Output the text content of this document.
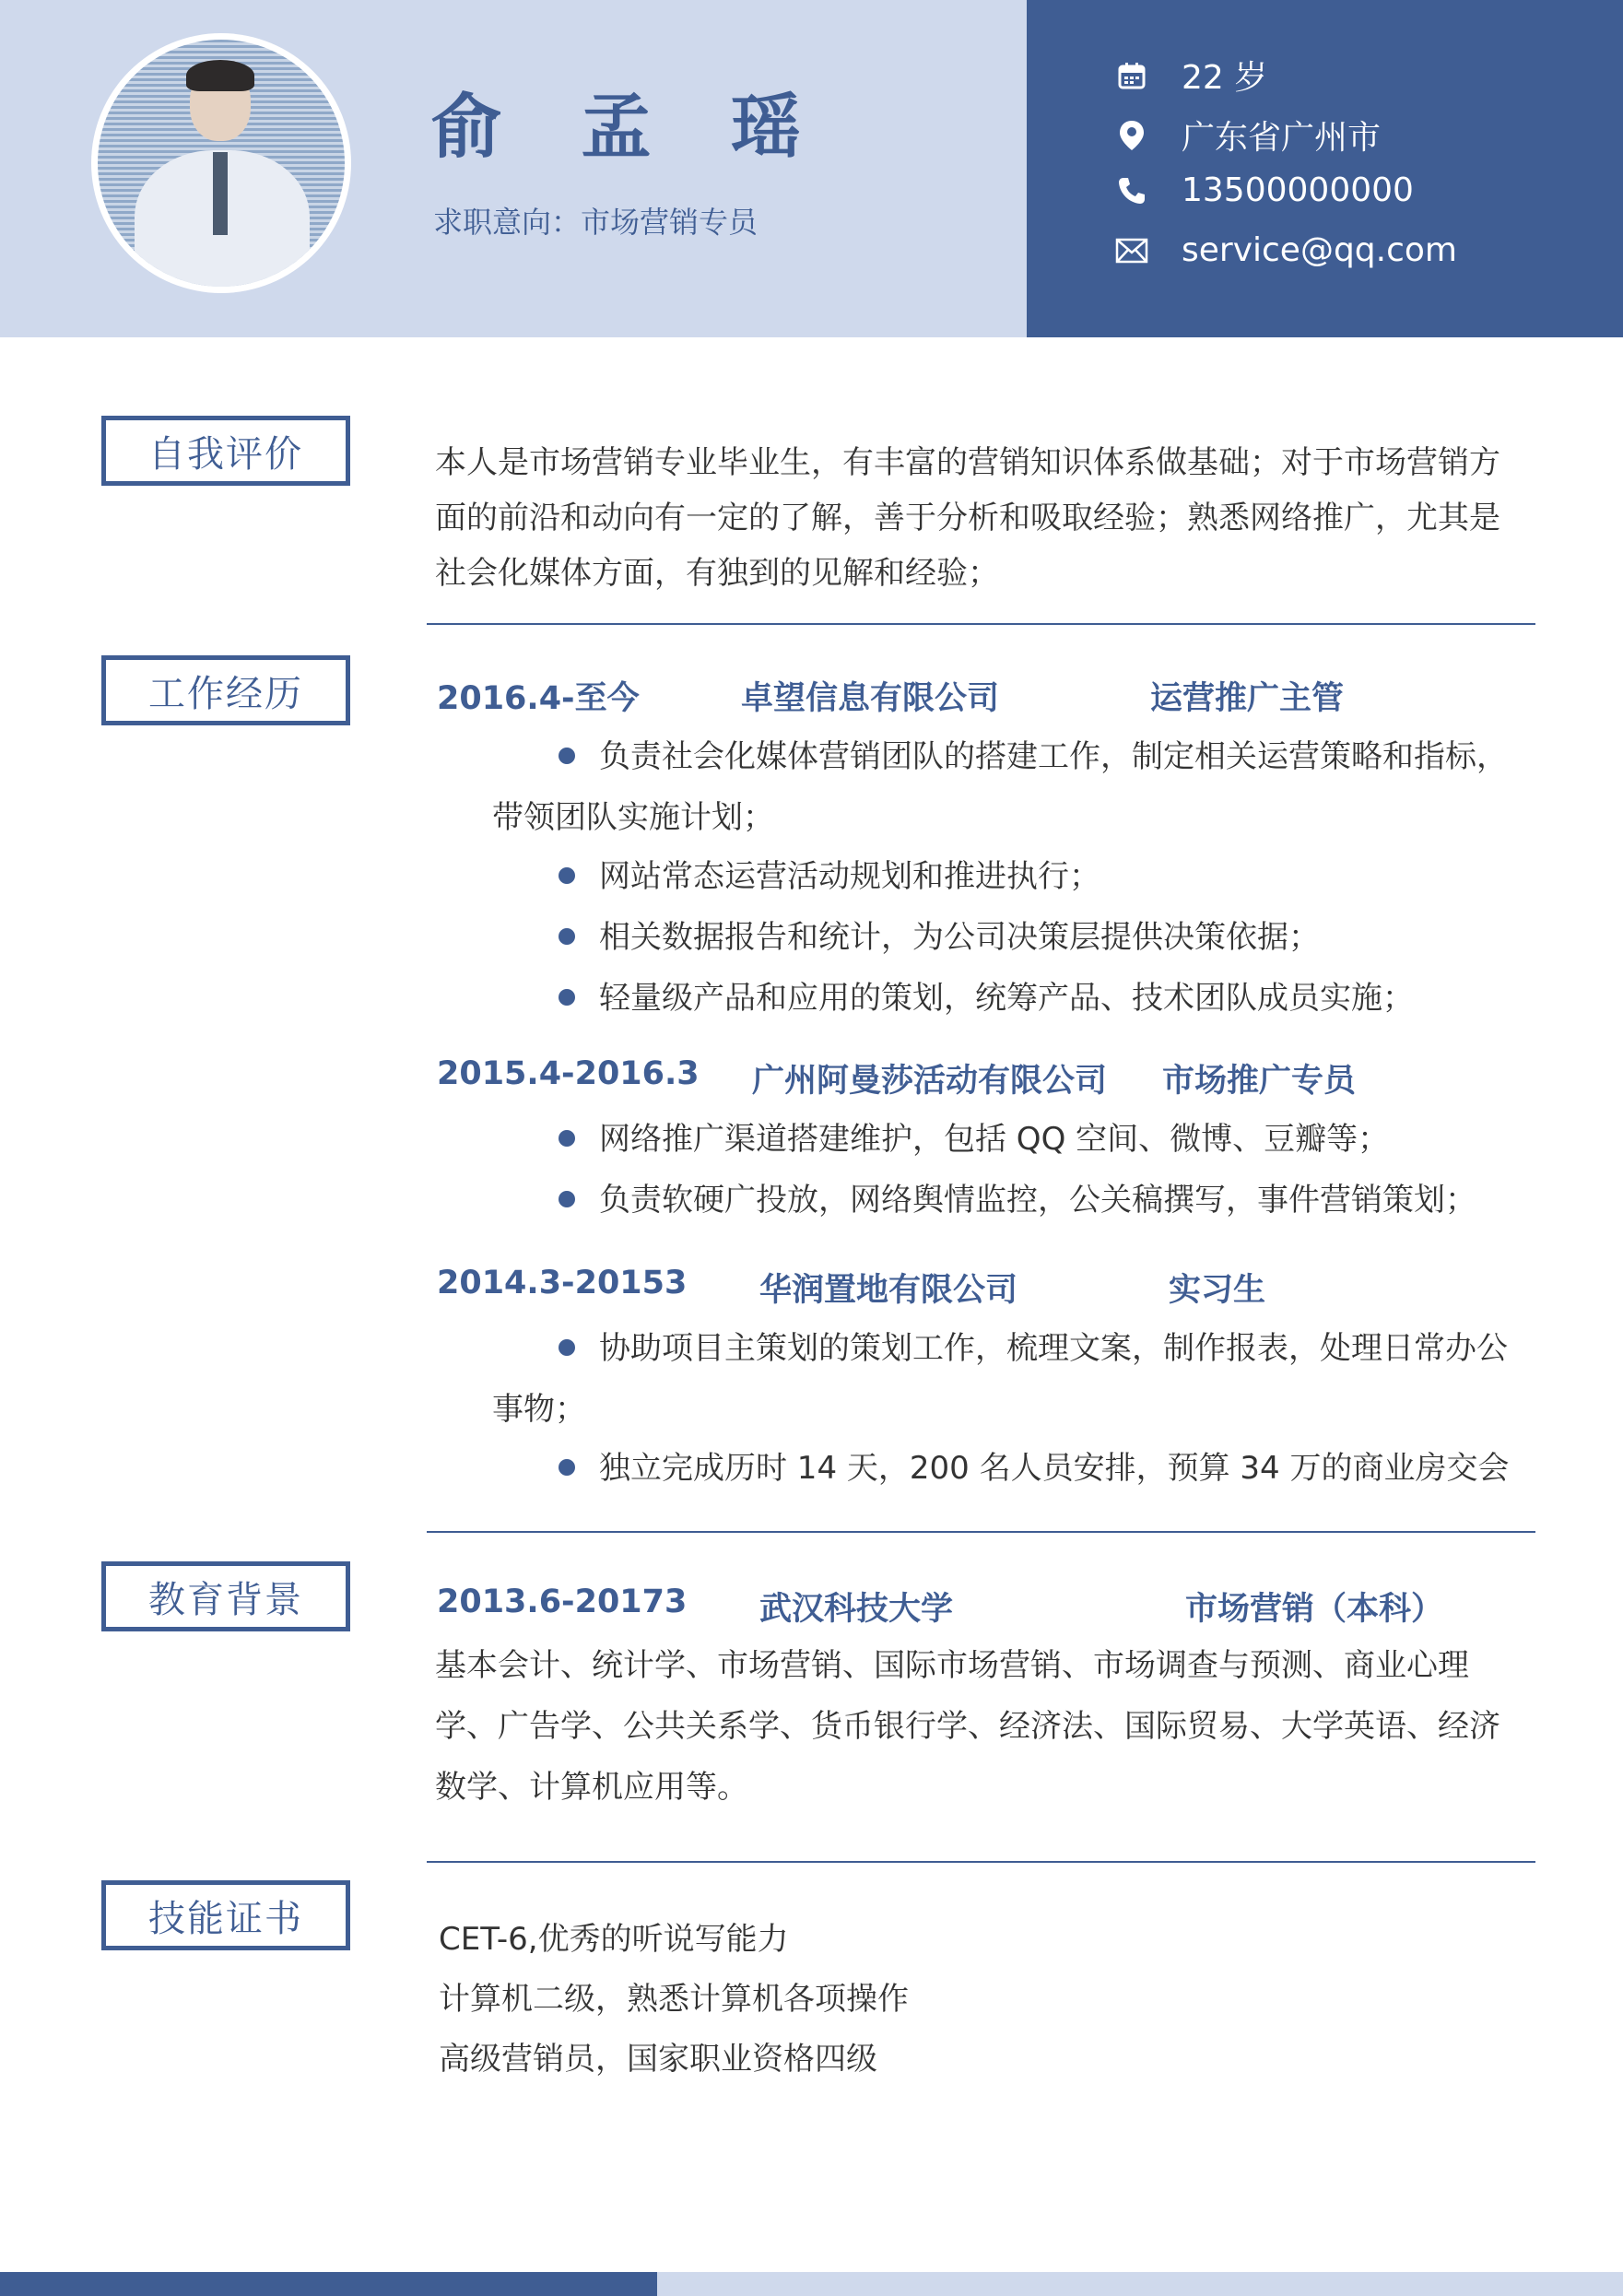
俞 孟 瑶
求职意向：市场营销专员
22 岁
广东省广州市
13500000000
service@qq.com
自我评价	本人是市场营销专业毕业生，有丰富的营销知识体系做基础；对于市场营销方面的前沿和动向有一定的了解，善于分析和吸取经验；熟悉网络推广，尤其是社会化媒体方面，有独到的见解和经验；
工作经历	2016.4-至今	卓望信息有限公司	运营推广主管
负责社会化媒体营销团队的搭建工作，制定相关运营策略和指标，带领团队实施计划；
网站常态运营活动规划和推进执行；
相关数据报告和统计，为公司决策层提供决策依据；
轻量级产品和应用的策划，统筹产品、技术团队成员实施；
2015.4-2016.3 广州阿曼莎活动有限公司 市场推广专员
网络推广渠道搭建维护，包括 QQ 空间、微博、豆瓣等；
负责软硬广投放，网络舆情监控，公关稿撰写，事件营销策划；
2014.3-20153 华润置地有限公司	实习生
协助项目主策划的策划工作，梳理文案，制作报表，处理日常办公事物；
独立完成历时 14 天，200 名人员安排，预算 34 万的商业房交会
教育背景	2013.6-20173 武汉科技大学	市场营销（本科）
基本会计、统计学、市场营销、国际市场营销、市场调查与预测、商业心理学、广告学、公共关系学、货币银行学、经济法、国际贸易、大学英语、经济数学、计算机应用等。
技能证书	CET-6,优秀的听说写能力
计算机二级，熟悉计算机各项操作
高级营销员，国家职业资格四级
